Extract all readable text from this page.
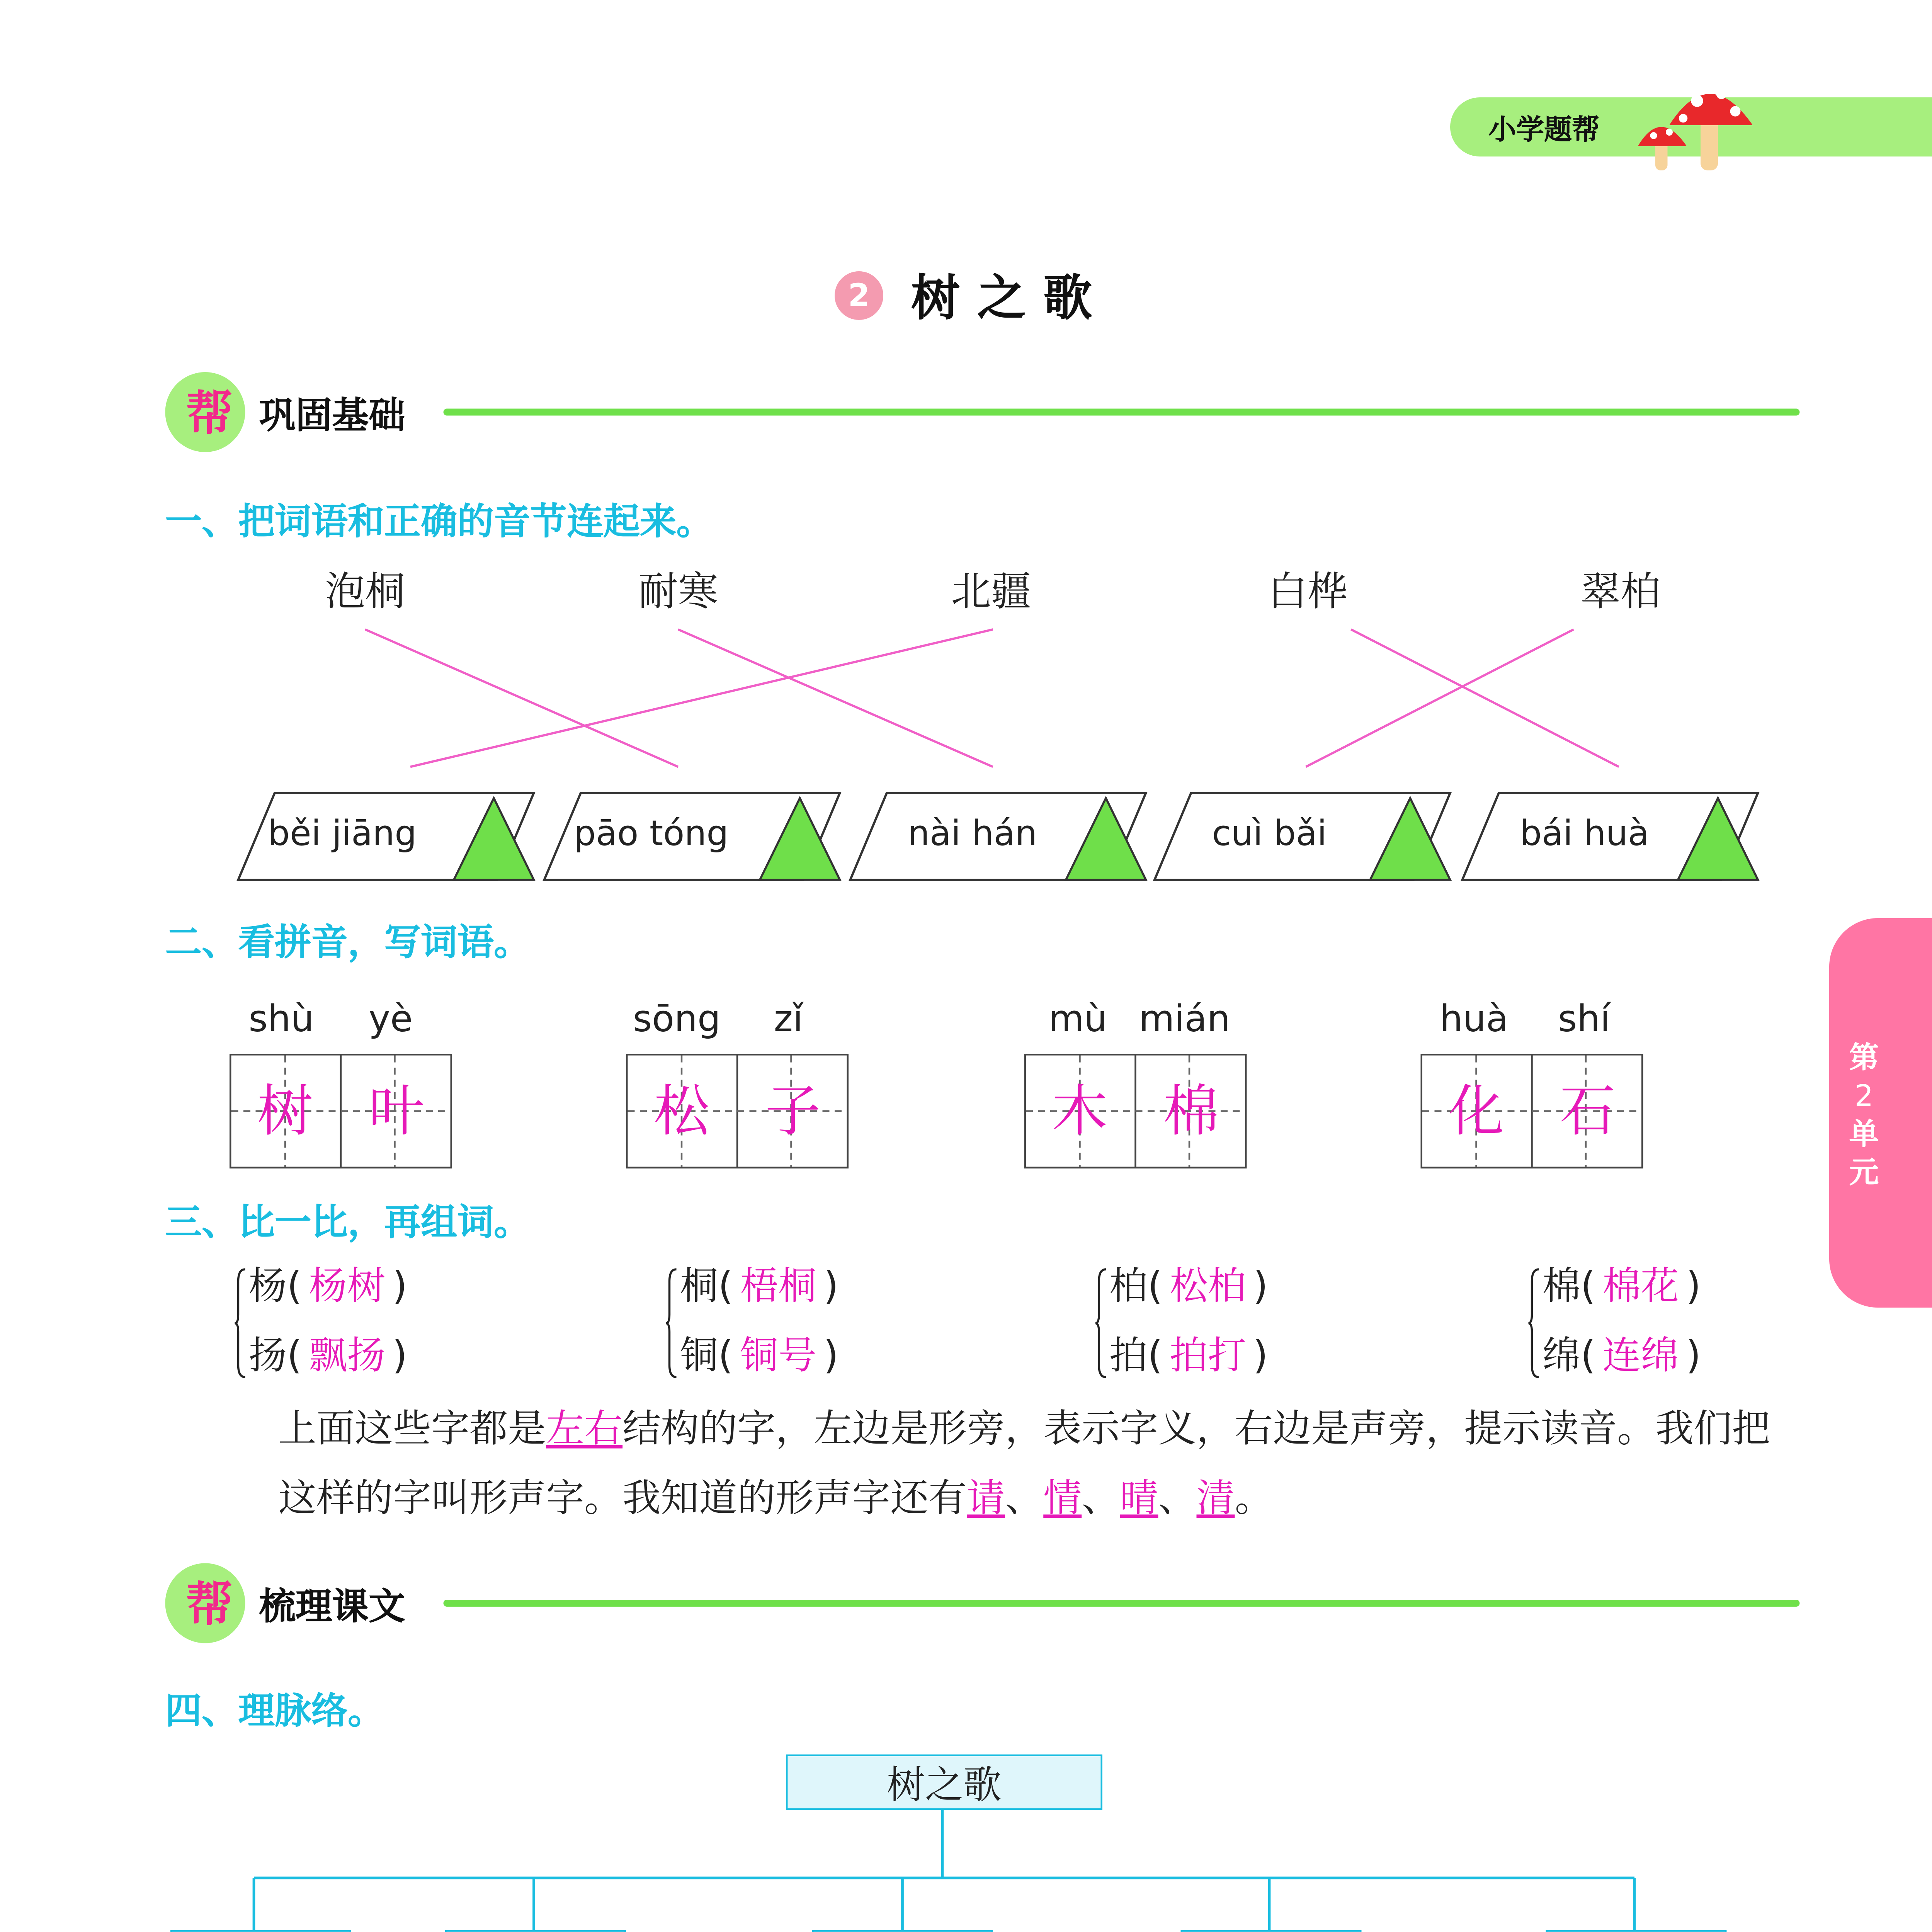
小学题帮
第
2
单
元
2	树之歌
帮	巩固基础
一、把词语和正确的音节连起来。
泡桐	耐寒	北疆	白桦	翠柏
běi jiāng	pāo tóng	nài hán	cuì bǎi	bái huà
二、看拼音，写词语。
shù	yè
树	叶
sōng	zǐ
松	子
mù	mián
木	棉
huà	shí
化	石
三、比一比，再组词。
杨( 杨树 )
扬( 飘扬 )
桐( 梧桐 )
铜( 铜号 )
柏( 松柏 )
拍( 拍打 )
棉( 棉花 )
绵( 连绵 )
上面这些字都是左右结构的字，左边是形旁，表示字义，右边是声旁，提示读音。我们把这样的字叫形声字。我知道的形声字还有请、情、晴、清。
帮	梳理课文
四、理脉络。
树之歌
